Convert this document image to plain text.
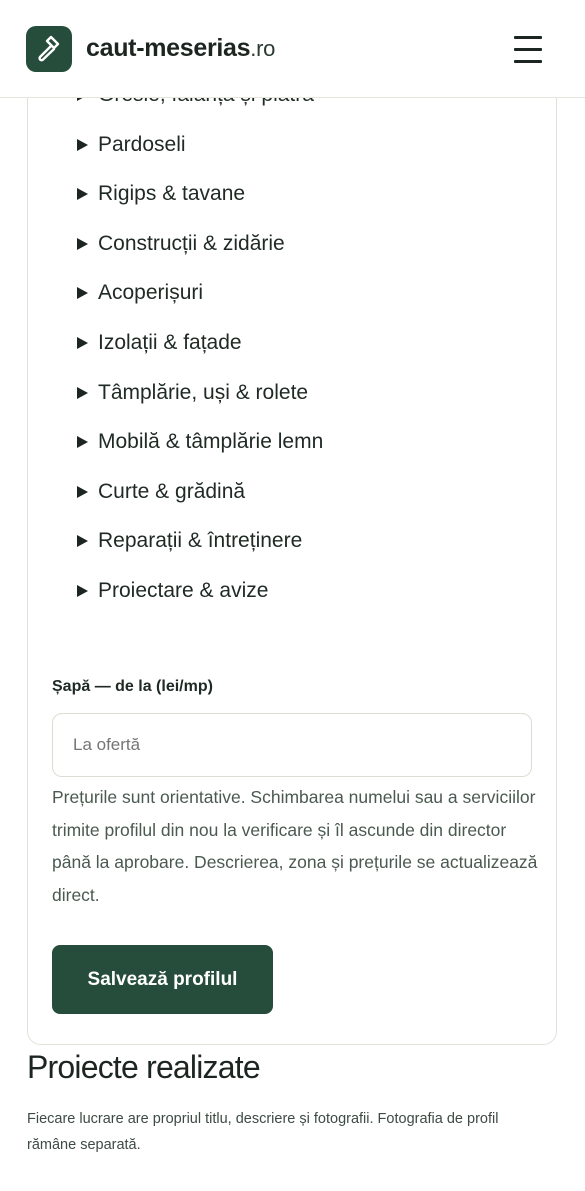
Pardoseli
Rigips & tavane
Construcții & zidărie
Acoperișuri
Izolații & fațade
Tâmplărie, uși & rolete
Mobilă & tâmplărie lemn
Curte & grădină
Reparații & întreținere
Proiectare & avize
Șapă — de la (lei/mp)
La ofertă

Prețurile sunt orientative. Schimbarea numelui sau a serviciilor trimite profilul din nou la verificare și îl ascunde din director până la aprobare. Descrierea, zona și prețurile se actualizează direct.

Salvează profilul
Proiecte realizate

Fiecare lucrare are propriul titlu, descriere și fotografii. Fotografia de profil rămâne separată.

caut-meserias.ro
